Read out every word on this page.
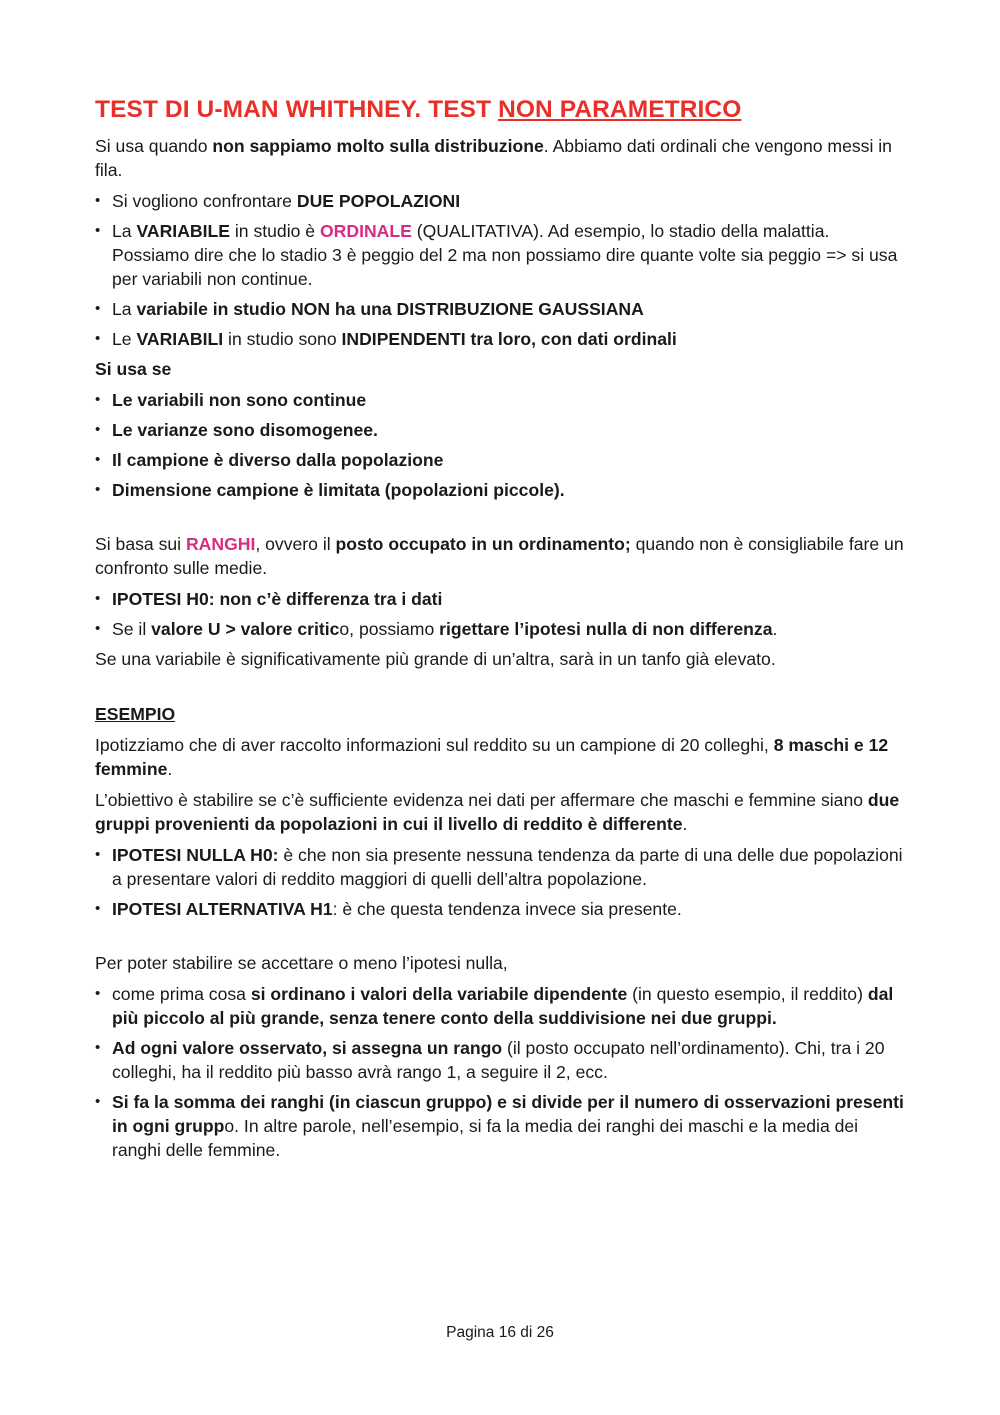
TEST DI U-MAN WHITHNEY. TEST NON PARAMETRICO

Si usa quando non sappiamo molto sulla distribuzione. Abbiamo dati ordinali che vengono messi in fila.

• Si vogliono confrontare DUE POPOLAZIONI
• La VARIABILE in studio è ORDINALE (QUALITATIVA). Ad esempio, lo stadio della malattia. Possiamo dire che lo stadio 3 è peggio del 2 ma non possiamo dire quante volte sia peggio => si usa per variabili non continue.
• La variabile in studio NON ha una DISTRIBUZIONE GAUSSIANA
• Le VARIABILI in studio sono INDIPENDENTI tra loro, con dati ordinali

Si usa se

• Le variabili non sono continue
• Le varianze sono disomogenee.
• Il campione è diverso dalla popolazione
• Dimensione campione è limitata (popolazioni piccole).

Si basa sui RANGHI, ovvero il posto occupato in un ordinamento; quando non è consigliabile fare un confronto sulle medie.

• IPOTESI H0: non c’è differenza tra i dati
• Se il valore U > valore critico, possiamo rigettare l’ipotesi nulla di non differenza.

Se una variabile è significativamente più grande di un’altra, sarà in un tanfo già elevato.

ESEMPIO

Ipotizziamo che di aver raccolto informazioni sul reddito su un campione di 20 colleghi, 8 maschi e 12 femmine.

L’obiettivo è stabilire se c’è sufficiente evidenza nei dati per affermare che maschi e femmine siano due gruppi provenienti da popolazioni in cui il livello di reddito è differente.

• IPOTESI NULLA H0: è che non sia presente nessuna tendenza da parte di una delle due popolazioni a presentare valori di reddito maggiori di quelli dell’altra popolazione.
• IPOTESI ALTERNATIVA H1: è che questa tendenza invece sia presente.

Per poter stabilire se accettare o meno l’ipotesi nulla,

• come prima cosa si ordinano i valori della variabile dipendente (in questo esempio, il reddito) dal più piccolo al più grande, senza tenere conto della suddivisione nei due gruppi.
• Ad ogni valore osservato, si assegna un rango (il posto occupato nell’ordinamento). Chi, tra i 20 colleghi, ha il reddito più basso avrà rango 1, a seguire il 2, ecc.
• Si fa la somma dei ranghi (in ciascun gruppo) e si divide per il numero di osservazioni presenti in ogni gruppo. In altre parole, nell’esempio, si fa la media dei ranghi dei maschi e la media dei ranghi delle femmine.
Pagina 16 di 26
